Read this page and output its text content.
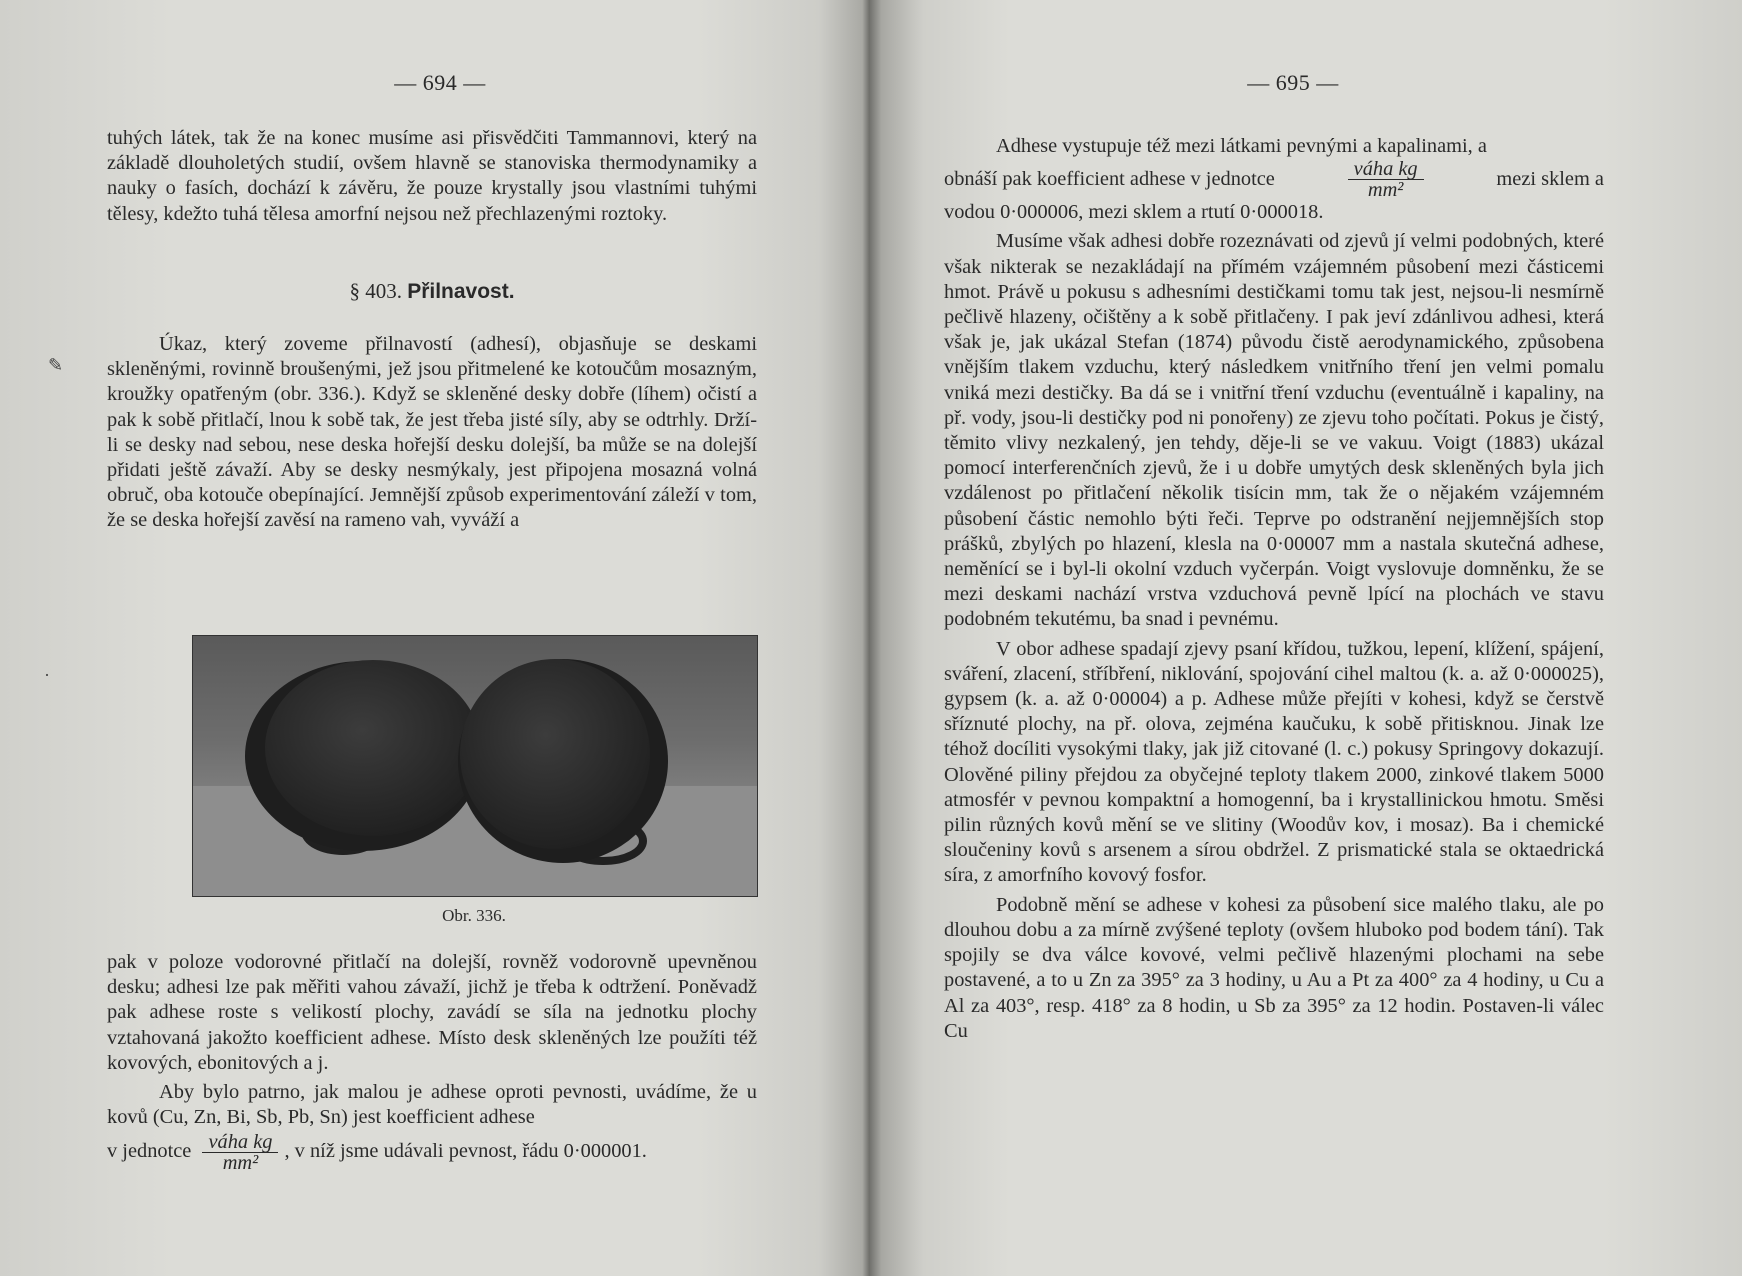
— 694 —

tuhých látek, tak že na konec musíme asi přisvědčiti Tammannovi, který na základě dlouholetých studií, ovšem hlavně se stanoviska thermodynamiky a nauky o fasích, dochází k závěru, že pouze krystally jsou vlastními tuhými tělesy, kdežto tuhá tělesa amorfní nejsou než přechlazenými roztoky.

§ 403. Přilnavost.

Úkaz, který zoveme přilnavostí (adhesí), objasňuje se deskami skleněnými, rovinně broušenými, jež jsou přitmelené ke kotoučům mosazným, kroužky opatřeným (obr. 336.). Když se skleněné desky dobře (líhem) očistí a pak k sobě přitlačí, lnou k sobě tak, že jest třeba jisté síly, aby se odtrhly. Drží-li se desky nad sebou, nese deska hořejší desku dolejší, ba může se na dolejší přidati ještě závaží. Aby se desky nesmýkaly, jest připojena mosazná volná obruč, oba kotouče obepínající. Jemnější způsob experimentování záleží v tom, že se deska hořejší zavěsí na rameno vah, vyváží a

Obr. 336.

pak v poloze vodorovné přitlačí na dolejší, rovněž vodorovně upevněnou desku; adhesi lze pak měřiti vahou závaží, jichž je třeba k odtržení. Poněvadž pak adhese roste s velikostí plochy, zavádí se síla na jednotku plochy vztahovaná jakožto koefficient adhese. Místo desk skleněných lze použíti též kovových, ebonitových a j.

Aby bylo patrno, jak malou je adhese oproti pevnosti, uvádíme, že u kovů (Cu, Zn, Bi, Sb, Pb, Sn) jest koefficient adhese

v jednotce $\frac{\text{váha kg}}{\text{mm²}}$ , v níž jsme udávali pevnost, řádu 0·000001.

— 695 —

Adhese vystupuje též mezi látkami pevnými a kapalinami, a

obnáší pak koefficient adhese v jednotce	$\frac{\text{váha kg}}{\text{mm²}}$	mezi sklem a

vodou 0·000006, mezi sklem a rtutí 0·000018.

Musíme však adhesi dobře rozeznávati od zjevů jí velmi podobných, které však nikterak se nezakládají na přímém vzájemném působení mezi částicemi hmot. Právě u pokusu s adhesními destičkami tomu tak jest, nejsou-li nesmírně pečlivě hlazeny, očištěny a k sobě přitlačeny. I pak jeví zdánlivou adhesi, která však je, jak ukázal Stefan (1874) původu čistě aerodynamického, způsobena vnějším tlakem vzduchu, který následkem vnitřního tření jen velmi pomalu vniká mezi destičky. Ba dá se i vnitřní tření vzduchu (eventuálně i kapaliny, na př. vody, jsou-li destičky pod ni ponořeny) ze zjevu toho počítati. Pokus je čistý, těmito vlivy nezkalený, jen tehdy, děje-li se ve vakuu. Voigt (1883) ukázal pomocí interferenčních zjevů, že i u dobře umytých desk skleněných byla jich vzdálenost po přitlačení několik tisícin mm, tak že o nějakém vzájemném působení částic nemohlo býti řeči. Teprve po odstranění nejjemnějších stop prášků, zbylých po hlazení, klesla na 0·00007 mm a nastala skutečná adhese, neměnící se i byl-li okolní vzduch vyčerpán. Voigt vyslovuje domněnku, že se mezi deskami nachází vrstva vzduchová pevně lpící na plochách ve stavu podobném tekutému, ba snad i pevnému.

V obor adhese spadají zjevy psaní křídou, tužkou, lepení, klížení, spájení, sváření, zlacení, stříbření, niklování, spojování cihel maltou (k. a. až 0·000025), gypsem (k. a. až 0·00004) a p. Adhese může přejíti v kohesi, když se čerstvě sříznuté plochy, na př. olova, zejména kaučuku, k sobě přitisknou. Jinak lze téhož docíliti vysokými tlaky, jak již citované (l. c.) pokusy Springovy dokazují. Olověné piliny přejdou za obyčejné teploty tlakem 2000, zinkové tlakem 5000 atmosfér v pevnou kompaktní a homogenní, ba i krystallinickou hmotu. Směsi pilin různých kovů mění se ve slitiny (Woodův kov, i mosaz). Ba i chemické sloučeniny kovů s arsenem a sírou obdržel. Z prismatické stala se oktaedrická síra, z amorfního kovový fosfor.

Podobně mění se adhese v kohesi za působení sice malého tlaku, ale po dlouhou dobu a za mírně zvýšené teploty (ovšem hluboko pod bodem tání). Tak spojily se dva válce kovové, velmi pečlivě hlazenými plochami na sebe postavené, a to u Zn za 395° za 3 hodiny, u Au a Pt za 400° za 4 hodiny, u Cu a Al za 403°, resp. 418° za 8 hodin, u Sb za 395° za 12 hodin. Postaven-li válec Cu

✎
·
